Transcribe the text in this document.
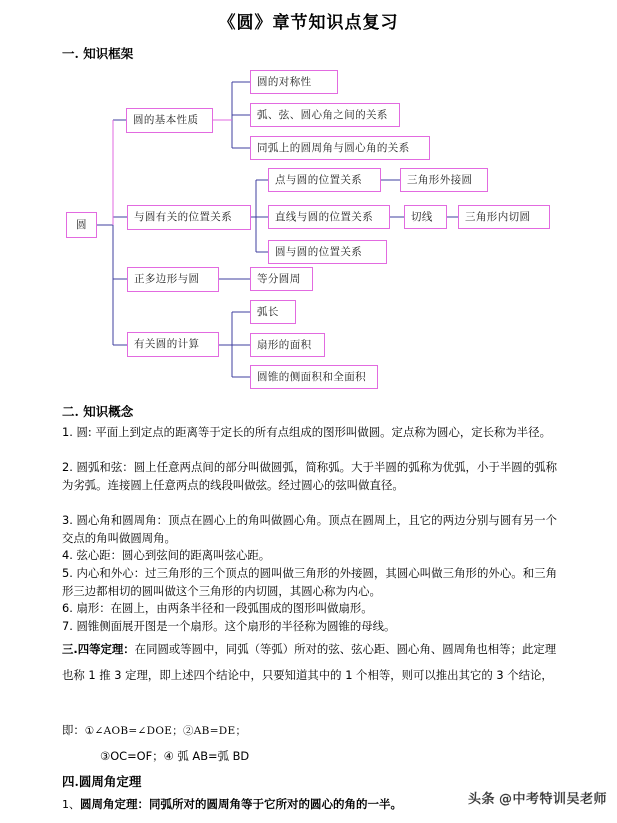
《圆》章节知识点复习
一. 知识框架
圆
圆的基本性质
与圆有关的位置关系
正多边形与圆
有关圆的计算
圆的对称性
弧、弦、圆心角之间的关系
同弧上的圆周角与圆心角的关系
点与圆的位置关系
直线与圆的位置关系
圆与圆的位置关系
等分圆周
弧长
扇形的面积
圆锥的侧面积和全面积
三角形外接圆
切线	三角形内切圆
二. 知识概念
1. 圆: 平面上到定点的距离等于定长的所有点组成的图形叫做圆。定点称为圆心，定长称为半径。
2. 圆弧和弦：圆上任意两点间的部分叫做圆弧，简称弧。大于半圆的弧称为优弧，小于半圆的弧称为劣弧。连接圆上任意两点的线段叫做弦。经过圆心的弦叫做直径。
3. 圆心角和圆周角：顶点在圆心上的角叫做圆心角。顶点在圆周上，且它的两边分别与圆有另一个交点的角叫做圆周角。
4. 弦心距：圆心到弦间的距离叫弦心距。
5. 内心和外心：过三角形的三个顶点的圆叫做三角形的外接圆，其圆心叫做三角形的外心。和三角形三边都相切的圆叫做这个三角形的内切圆，其圆心称为内心。
6. 扇形：在圆上，由两条半径和一段弧围成的图形叫做扇形。
7. 圆锥侧面展开图是一个扇形。这个扇形的半径称为圆锥的母线。
三.四等定理：在同圆或等圆中，同弧（等弧）所对的弦、弦心距、圆心角、圆周角也相等；此定理也称 1 推 3 定理，即上述四个结论中，只要知道其中的 1 个相等，则可以推出其它的 3 个结论，
即：①∠AOB=∠DOE；②AB=DE；
③OC=OF；④ 弧 AB=弧 BD
四.圆周角定理
1、圆周角定理：同弧所对的圆周角等于它所对的圆心的角的一半。	头条 @中考特训吴老师
